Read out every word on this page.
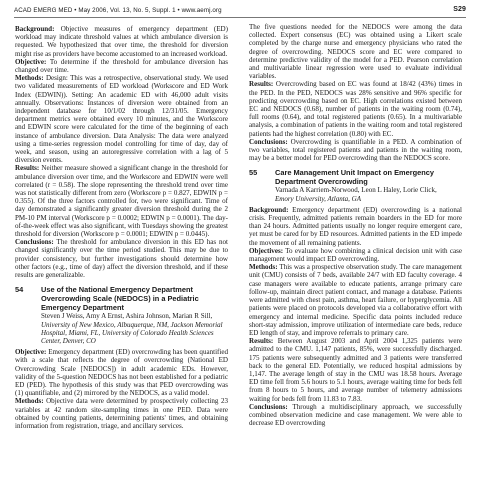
ACAD EMERG MED • May 2006, Vol. 13, No. 5, Suppl. 1 • www.aemj.org	S29

Background: Objective measures of emergency department (ED) workload may indicate threshold values at which ambulance diversion is requested. We hypothesized that over time, the threshold for diversion might rise as providers have become accustomed to an increased workload.

Objective: To determine if the threshold for ambulance diversion has changed over time.

Methods: Design: This was a retrospective, observational study. We used two validated measurements of ED workload (Workscore and ED Work Index (EDWIN)). Setting: An academic ED with 46,000 adult visits annually. Observations: Instances of diversion were obtained from an independent database for 10/1/02 through 12/31/05. Emergency department metrics were obtained every 10 minutes, and the Workscore and EDWIN score were calculated for the time of the beginning of each instance of ambulance diversion. Data Analysis: The data were analyzed using a time-series regression model controlling for time of day, day of week, and season, using an autoregressive correlation with a lag of 5 diversion events.

Results: Neither measure showed a significant change in the threshold for ambulance diversion over time, and the Workscore and EDWIN were well correlated (r = 0.58). The slope representing the threshold trend over time was not statistically different from zero (Workscore p = 0.827, EDWIN p = 0.355). Of the three factors controlled for, two were significant. Time of day demonstrated a significantly greater diversion threshold during the 2 PM-10 PM interval (Workscore p = 0.0002; EDWIN p = 0.0001). The day-of-the-week effect was also significant, with Tuesdays showing the greatest threshold for diversion (Workscore p = 0.0001; EDWIN p = 0.0445).

Conclusions: The threshold for ambulance diversion in this ED has not changed significantly over the time period studied. This may be due to provider consistency, but further investigations should determine how other factors (e.g., time of day) affect the diversion threshold, and if these results are generalizable.

54	Use of the National Emergency Department Overcrowding Scale (NEDOCS) in a Pediatric Emergency Department
Steven J Weiss, Amy A Ernst, Ashira Johnson, Marian R Sill,
University of New Mexico, Albuquerque, NM, Jackson Memorial Hospital, Miami, FL, University of Colorado Health Sciences Center, Denver, CO

Objective: Emergency department (ED) overcrowding has been quantified with a scale that reflects the degree of overcrowding (National ED Overcrowding Scale [NEDOCS]) in adult academic EDs. However, validity of the 5-question NEDOCS has not been established for a pediatric ED (PED). The hypothesis of this study was that PED overcrowding was (1) quantifiable, and (2) mirrored by the NEDOCS, as a valid model.

Methods: Objective data were determined by prospectively collecting 23 variables at 42 random site-sampling times in one PED. Data were obtained by counting patients, determining patients' times, and obtaining information from registration, triage, and ancillary services.

The five questions needed for the NEDOCS were among the data collected. Expert consensus (EC) was obtained using a Likert scale completed by the charge nurse and emergency physicians who rated the degree of overcrowding. NEDOCS score and EC were compared to determine predictive validity of the model for a PED. Pearson correlation and multivariable linear regression were used to evaluate individual variables.

Results: Overcrowding based on EC was found at 18/42 (43%) times in the PED. In the PED, NEDOCS was 28% sensitive and 96% specific for predicting overcrowding based on EC. High correlations existed between EC and NEDOCS (0.68), number of patients in the waiting room (0.74), full rooms (0.64), and total registered patients (0.65). In a multivariable analysis, a combination of patients in the waiting room and total registered patients had the highest correlation (0.80) with EC.

Conclusions: Overcrowding is quantifiable in a PED. A combination of two variables, total registered patients and patients in the waiting room, may be a better model for PED overcrowding than the NEDOCS score.

55	Care Management Unit Impact on Emergency Department Overcrowding
Varnada A Karriem-Norwood, Leon L Haley, Lorie Click,
Emory University, Atlanta, GA

Background: Emergency department (ED) overcrowding is a national crisis. Frequently, admitted patients remain boarders in the ED for more than 24 hours. Admitted patients usually no longer require emergent care, yet must be cared for by ED resources. Admitted patients in the ED impede the movement of all remaining patients.

Objectives: To evaluate how combining a clinical decision unit with case management would impact ED overcrowding.

Methods: This was a prospective observation study. The care management unit (CMU) consists of 7 beds, available 24/7 with ED faculty coverage. 4 case managers were available to educate patients, arrange primary care follow-up, maintain direct patient contact, and manage a database. Patients were admitted with chest pain, asthma, heart failure, or hyperglycemia. All patients were placed on protocols developed via a collaborative effort with emergency and internal medicine. Specific data points included reduce short-stay admission, improve utilization of intermediate care beds, reduce ED length of stay, and improve referrals to primary care.

Results: Between August 2003 and April 2004 1,325 patients were admitted to the CMU. 1,147 patients, 85%, were successfully discharged. 175 patients were subsequently admitted and 3 patients were transferred back to the general ED. Potentially, we reduced hospital admissions by 1,147. The average length of stay in the CMU was 18.58 hours. Average ED time fell from 5.6 hours to 5.1 hours, average waiting time for beds fell from 8 hours to 5 hours, and average number of telemetry admissions waiting for beds fell from 11.83 to 7.83.

Conclusions: Through a multidisciplinary approach, we successfully combined observation medicine and case management. We were able to decrease ED overcrowding
